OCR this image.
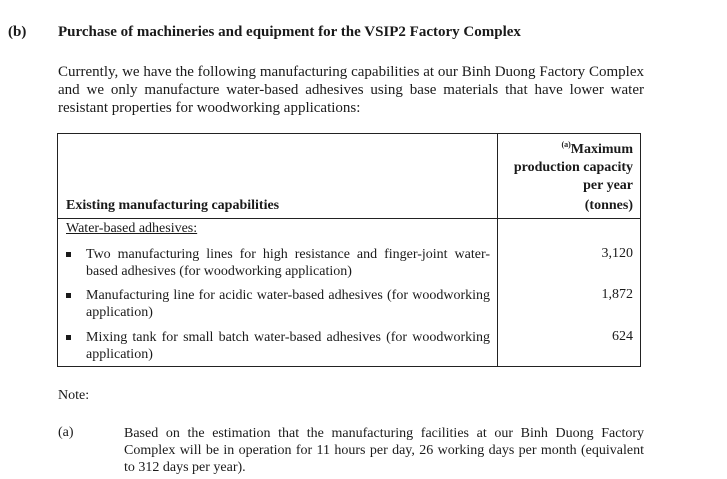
(b) Purchase of machineries and equipment for the VSIP2 Factory Complex
Currently, we have the following manufacturing capabilities at our Binh Duong Factory Complex and we only manufacture water-based adhesives using base materials that have lower water resistant properties for woodworking applications:
Existing manufacturing capabilities
$^{(a)}$Maximum production capacity per year
(tonnes)
Water-based adhesives:
Two manufacturing lines for high resistance and finger-joint water-based adhesives (for woodworking application)
3,120
Manufacturing line for acidic water-based adhesives (for woodworking application)
1,872
Mixing tank for small batch water-based adhesives (for woodworking application)
624
Note:
(a)	Based on the estimation that the manufacturing facilities at our Binh Duong Factory Complex will be in operation for 11 hours per day, 26 working days per month (equivalent to 312 days per year).
